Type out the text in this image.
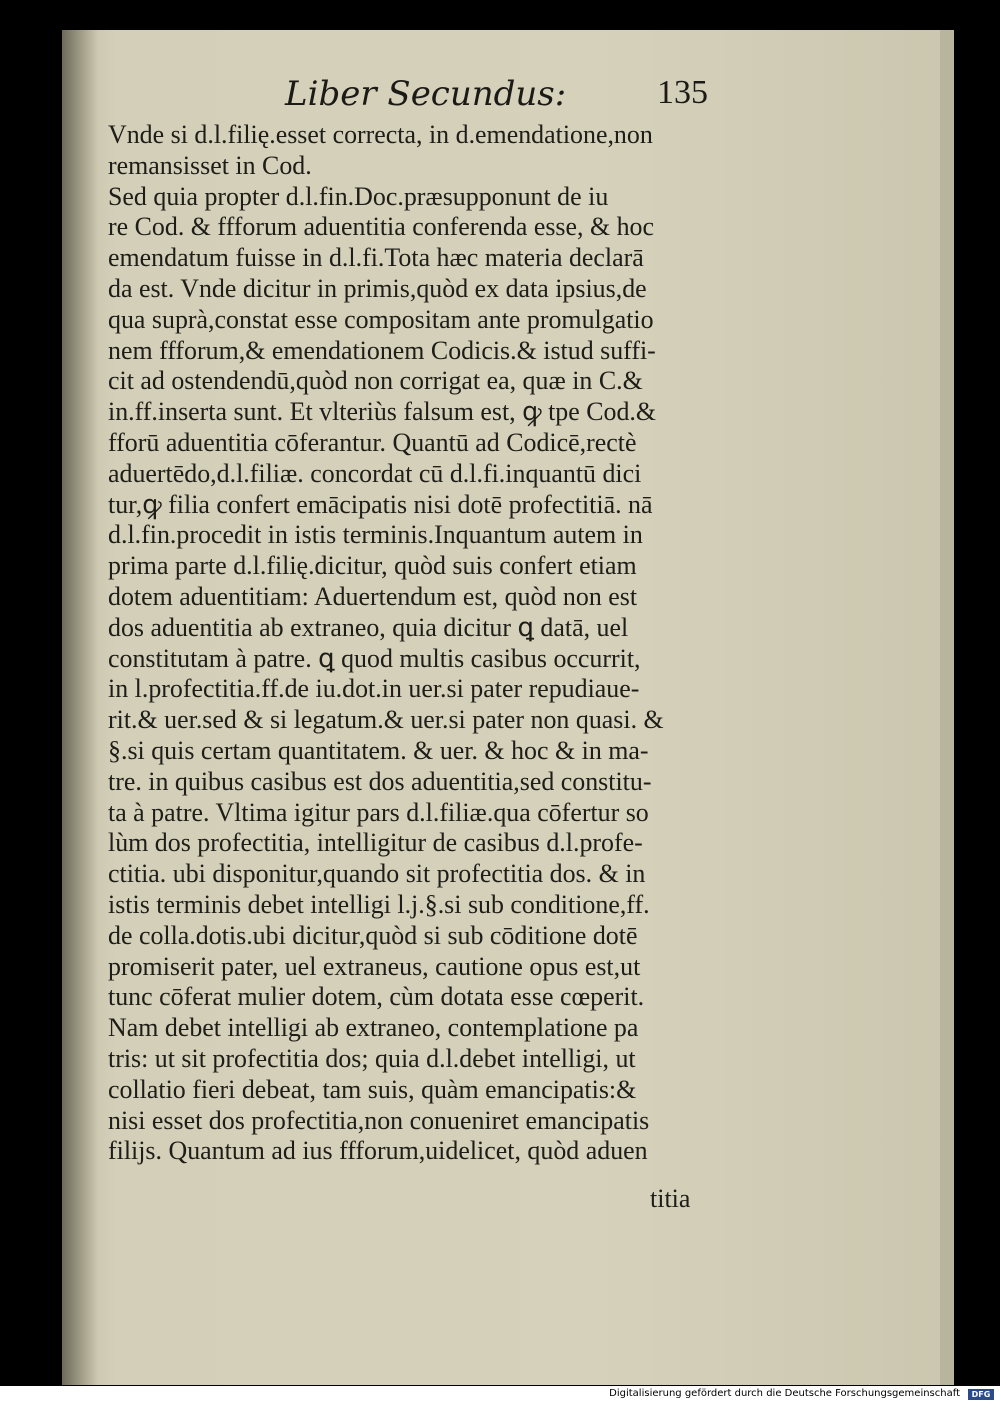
Liber Secundus:	135
Vnde si d.l.filię.esset correcta, in d.emendatione,non
remansisset in Cod.
Sed quia propter d.l.fin.Doc.præsupponunt de iu
re Cod. & ffforum aduentitia conferenda esse, & hoc
emendatum fuisse in d.l.fi.Tota hæc materia declarā
da est. Vnde dicitur in primis,quòd ex data ipsius,de
qua suprà,constat esse compositam ante promulgatio
nem ffforum,& emendationem Codicis.& istud suffi-
cit ad ostendendū,quòd non corrigat ea, quæ in C.&
in.ff.inserta sunt. Et vlteriùs falsum est, ꝙ tpe Cod.&
fforū aduentitia cōferantur. Quantū ad Codicē,rectè
aduertēdo,d.l.filiæ. concordat cū d.l.fi.inquantū dici
tur,ꝙ filia confert emācipatis nisi dotē profectitiā. nā
d.l.fin.procedit in istis terminis.Inquantum autem in
prima parte d.l.filię.dicitur, quòd suis confert etiam
dotem aduentitiam: Aduertendum est, quòd non est
dos aduentitia ab extraneo, quia dicitur ꝗ datā, uel
constitutam à patre. ꝗ quod multis casibus occurrit,
in l.profectitia.ff.de iu.dot.in uer.si pater repudiaue-
rit.& uer.sed & si legatum.& uer.si pater non quasi. &
§.si quis certam quantitatem. & uer. & hoc & in ma-
tre. in quibus casibus est dos aduentitia,sed constitu-
ta à patre. Vltima igitur pars d.l.filiæ.qua cōfertur so
lùm dos profectitia, intelligitur de casibus d.l.profe-
ctitia. ubi disponitur,quando sit profectitia dos. & in
istis terminis debet intelligi l.j.§.si sub conditione,ff.
de colla.dotis.ubi dicitur,quòd si sub cōditione dotē
promiserit pater, uel extraneus, cautione opus est,ut
tunc cōferat mulier dotem, cùm dotata esse cœperit.
Nam debet intelligi ab extraneo, contemplatione pa
tris: ut sit profectitia dos; quia d.l.debet intelligi, ut
collatio fieri debeat, tam suis, quàm emancipatis:&
nisi esset dos profectitia,non conueniret emancipatis
filijs. Quantum ad ius ffforum,uidelicet, quòd aduen
titia
Digitalisierung gefördert durch die Deutsche Forschungsgemeinschaft	DFG
